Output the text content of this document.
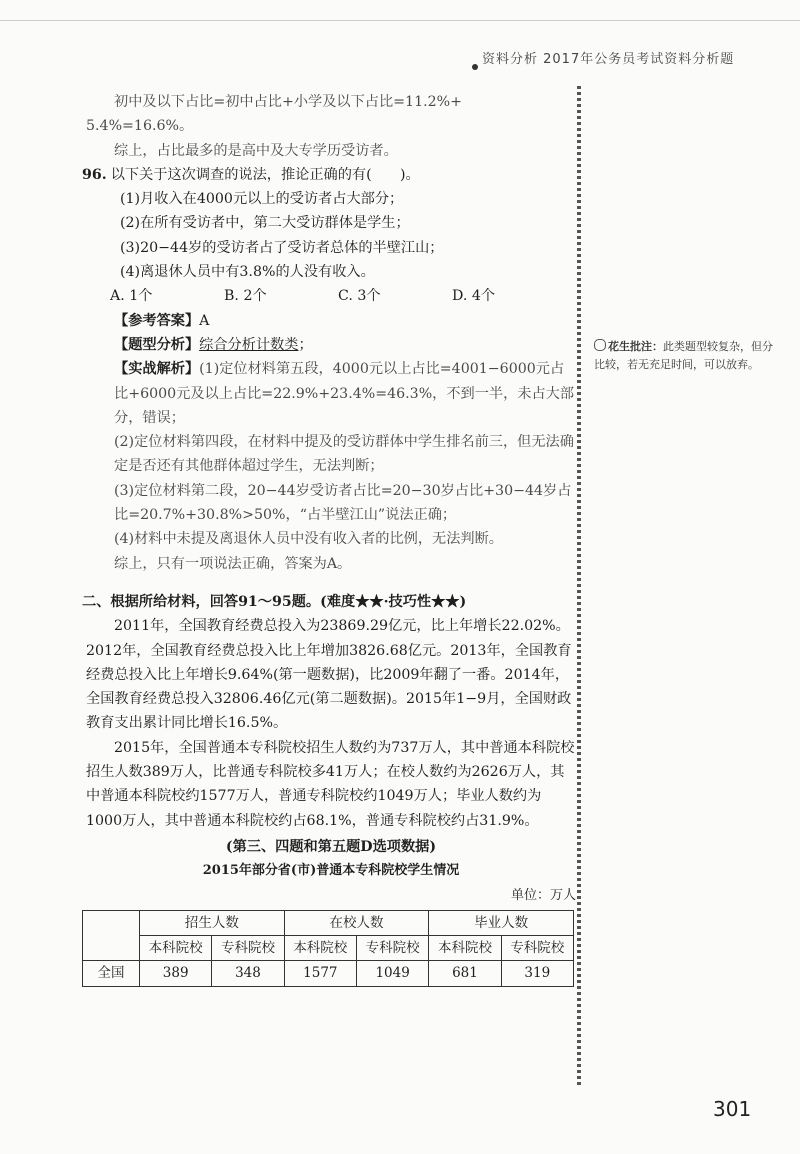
资料分析 2017年公务员考试资料分析题

初中及以下占比=初中占比+小学及以下占比=11.2%+

5.4%=16.6%。

综上，占比最多的是高中及大专学历受访者。

96. 以下关于这次调查的说法，推论正确的有(　　)。

(1)月收入在4000元以上的受访者占大部分；

(2)在所有受访者中，第二大受访群体是学生；

(3)20−44岁的受访者占了受访者总体的半壁江山；

(4)离退休人员中有3.8%的人没有收入。

A. 1个	B. 2个	C. 3个	D. 4个

【参考答案】A

【题型分析】综合分析计数类；

【实战解析】(1)定位材料第五段，4000元以上占比=4001−6000元占比+6000元及以上占比=22.9%+23.4%=46.3%，不到一半，未占大部分，错误；

(2)定位材料第四段，在材料中提及的受访群体中学生排名前三，但无法确定是否还有其他群体超过学生，无法判断；

(3)定位材料第二段，20−44岁受访者占比=20−30岁占比+30−44岁占比=20.7%+30.8%>50%，“占半壁江山”说法正确；

(4)材料中未提及离退休人员中没有收入者的比例，无法判断。

综上，只有一项说法正确，答案为A。

二、根据所给材料，回答91～95题。(难度★★·技巧性★★)

2011年，全国教育经费总投入为23869.29亿元，比上年增长22.02%。2012年，全国教育经费总投入比上年增加3826.68亿元。2013年，全国教育经费总投入比上年增长9.64%(第一题数据)，比2009年翻了一番。2014年，全国教育经费总投入32806.46亿元(第二题数据)。2015年1−9月，全国财政教育支出累计同比增长16.5%。

2015年，全国普通本专科院校招生人数约为737万人，其中普通本科院校招生人数389万人，比普通专科院校多41万人；在校人数约为2626万人，其中普通本科院校约1577万人，普通专科院校约1049万人；毕业人数约为1000万人，其中普通本科院校约占68.1%，普通专科院校约占31.9%。

(第三、四题和第五题D选项数据)

2015年部分省(市)普通本专科院校学生情况

单位：万人

	招生人数		在校人数		毕业人数	
	本科院校	专科院校	本科院校	专科院校	本科院校	专科院校
全国	389	348	1577	1049	681	319
花生批注：此类题型较复杂，但分比较，若无充足时间，可以放弃。
301
